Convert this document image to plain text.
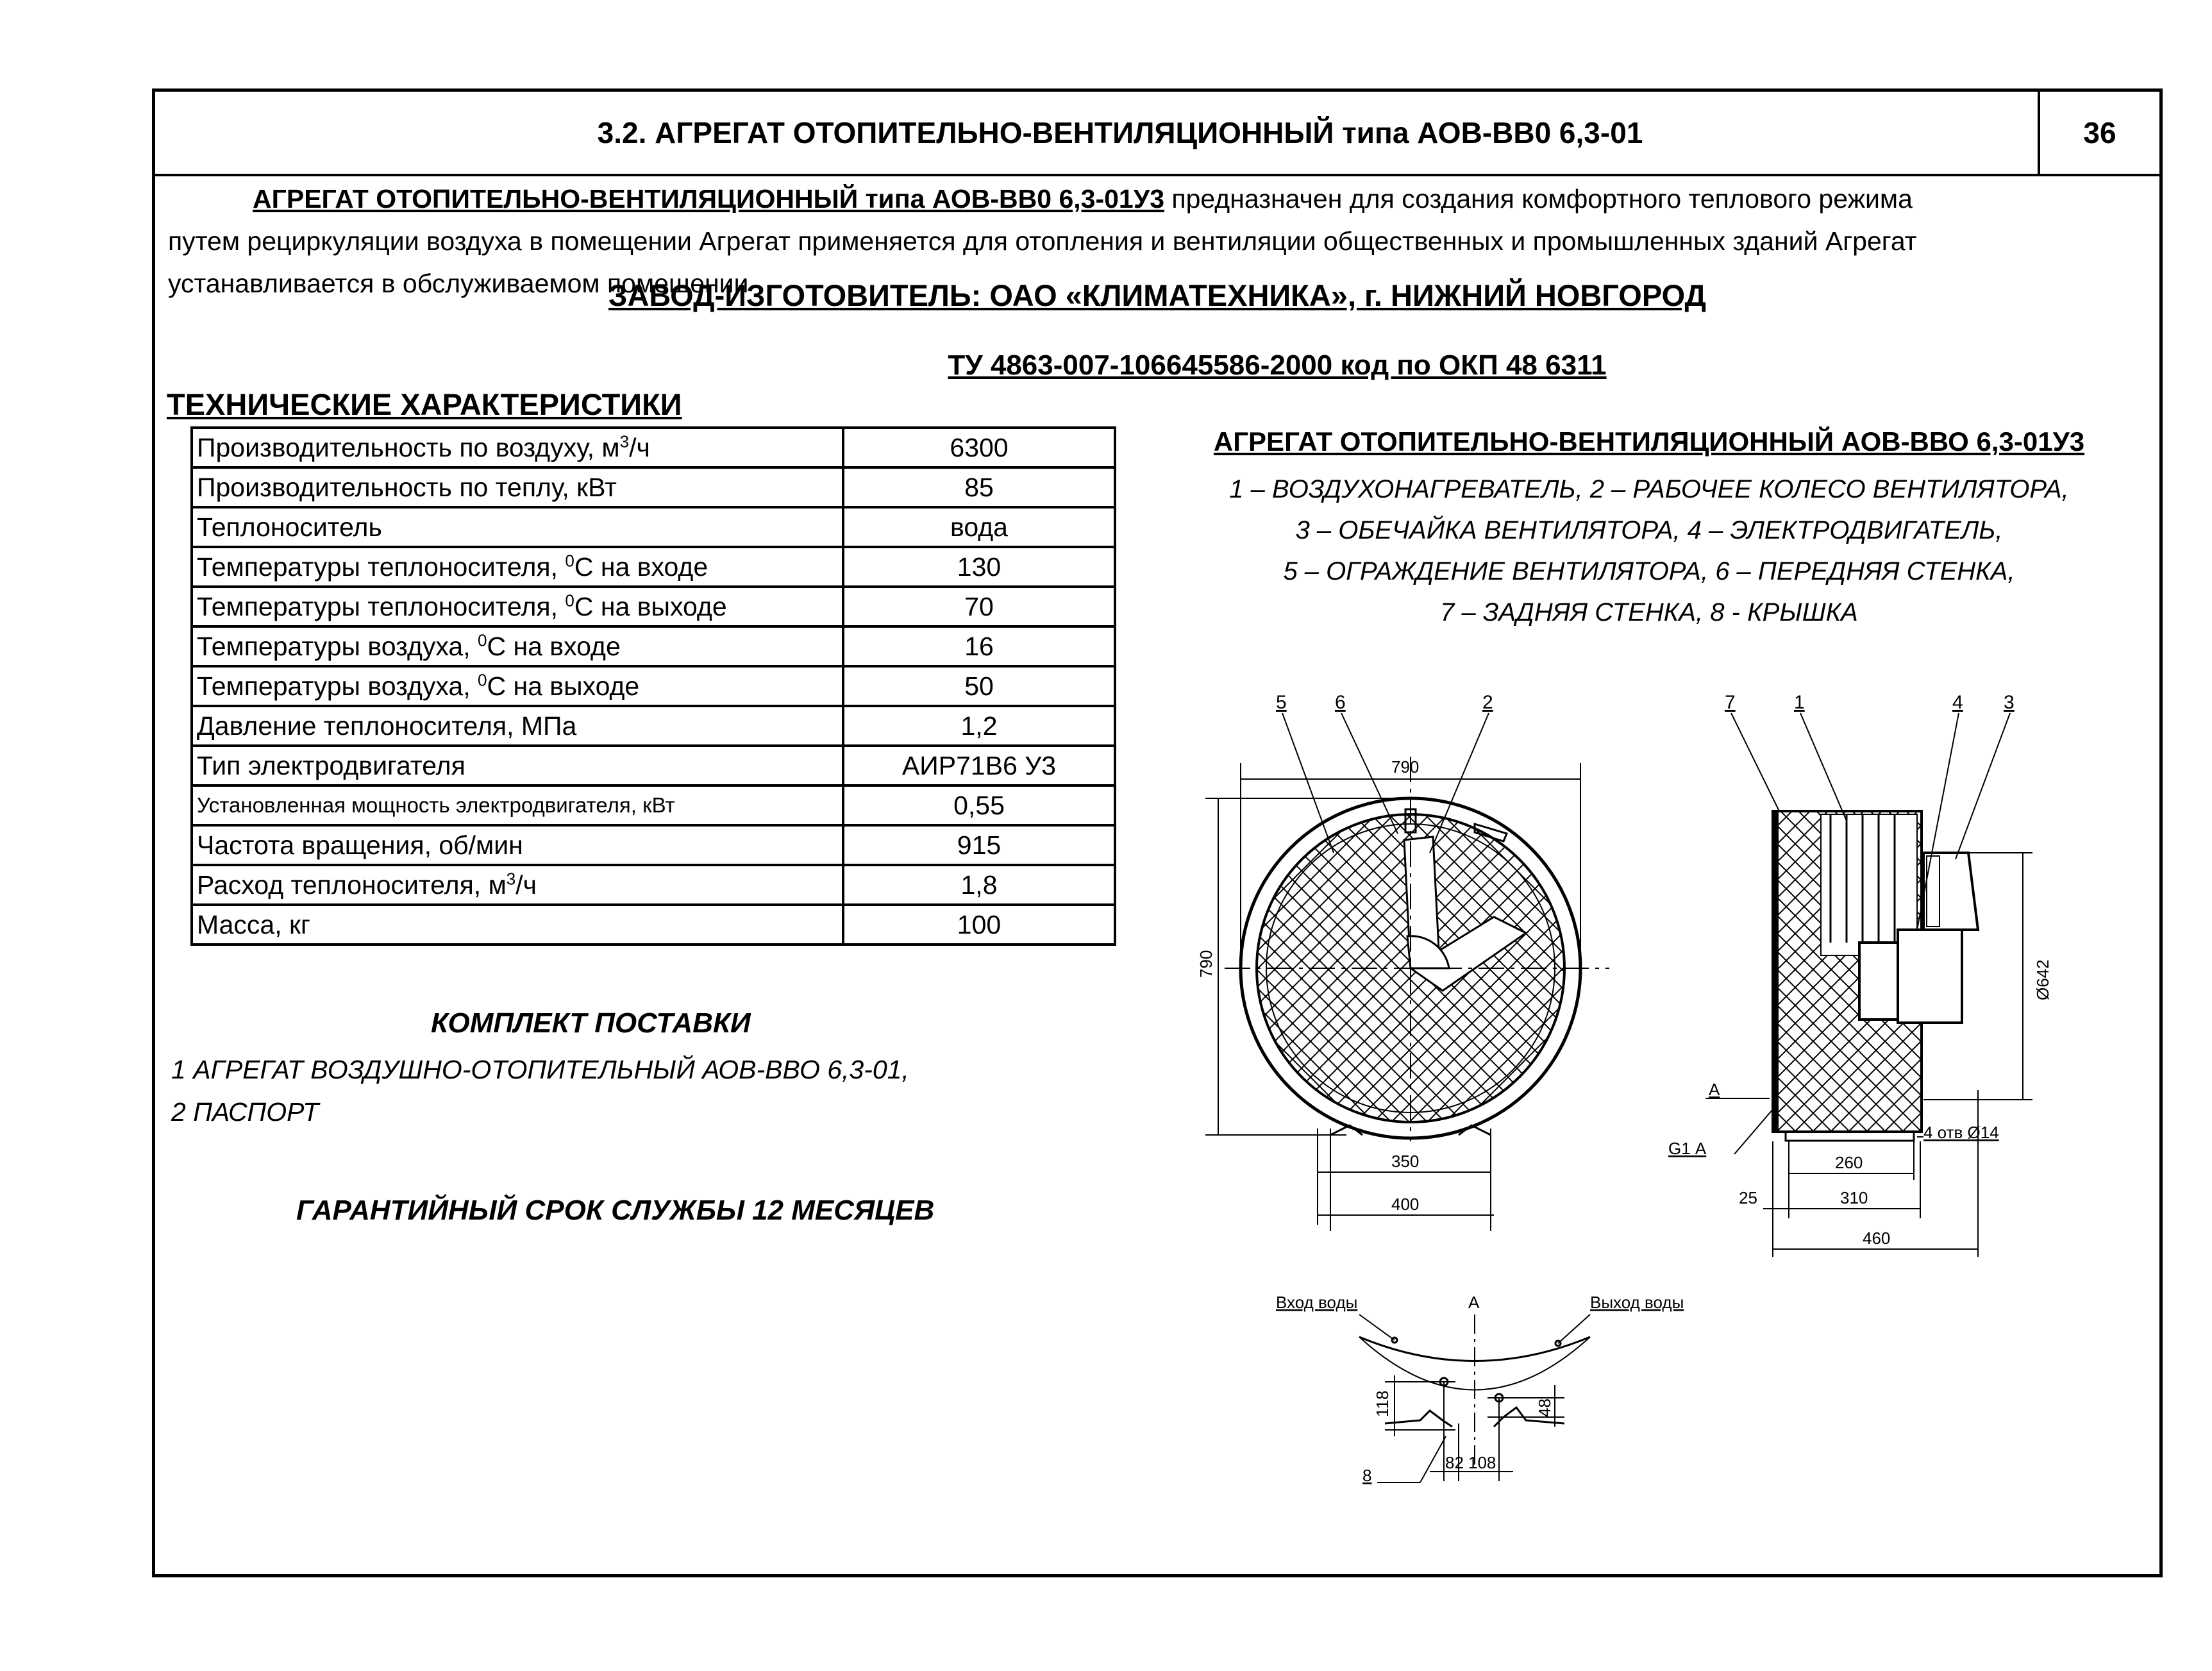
3.2. АГРЕГАТ ОТОПИТЕЛЬНО-ВЕНТИЛЯЦИОННЫЙ типа АОВ-ВВ0 6,3-01	36
АГРЕГАТ ОТОПИТЕЛЬНО-ВЕНТИЛЯЦИОННЫЙ типа АОВ-ВВ0 6,3-01У3 предназначен для создания комфортного теплового режима
путем рециркуляции воздуха в помещении Агрегат применяется для отопления и вентиляции общественных и промышленных зданий Агрегат
устанавливается в обслуживаемом помещении
ЗАВОД-ИЗГОТОВИТЕЛЬ: ОАО «КЛИМАТЕХНИКА», г. НИЖНИЙ НОВГОРОД
ТУ 4863-007-106645586-2000 код по ОКП 48 6311
ТЕХНИЧЕСКИЕ ХАРАКТЕРИСТИКИ
Производительность по воздуху, $м^3/ч$	6300
Производительность по теплу, кВт	85
Теплоноситель	вода
Температуры теплоносителя, $^0$С на входе	130
Температуры теплоносителя, $^0$С на выходе	70
Температуры воздуха, $^0$С на входе	16
Температуры воздуха, $^0$С на выходе	50
Давление теплоносителя, МПа	1,2
Тип электродвигателя	АИР71В6 У3
Установленная мощность электродвигателя, кВт	0,55
Частота вращения, об/мин	915
Расход теплоносителя, $м^3/ч$	1,8
Масса, кг	100
КОМПЛЕКТ ПОСТАВКИ
1 АГРЕГАТ ВОЗДУШНО-ОТОПИТЕЛЬНЫЙ АОВ-ВВО 6,3-01,
2 ПАСПОРТ
ГАРАНТИЙНЫЙ СРОК СЛУЖБЫ 12 МЕСЯЦЕВ
АГРЕГАТ ОТОПИТЕЛЬНО-ВЕНТИЛЯЦИОННЫЙ АОВ-ВВО 6,3-01У3
1 – ВОЗДУХОНАГРЕВАТЕЛЬ, 2 – РАБОЧЕЕ КОЛЕСО ВЕНТИЛЯТОРА,
3 – ОБЕЧАЙКА ВЕНТИЛЯТОРА, 4 – ЭЛЕКТРОДВИГАТЕЛЬ,
5 – ОГРАЖДЕНИЕ ВЕНТИЛЯТОРА, 6 – ПЕРЕДНЯЯ СТЕНКА,
7 – ЗАДНЯЯ СТЕНКА, 8 - КРЫШКА
5	6	2
790
790
350
400
7	1	4 3
Ø642
А
G1 А
4 отв Ø14
260
25	310
460
А
Вход воды	Выход воды
118	48
82 108
8
